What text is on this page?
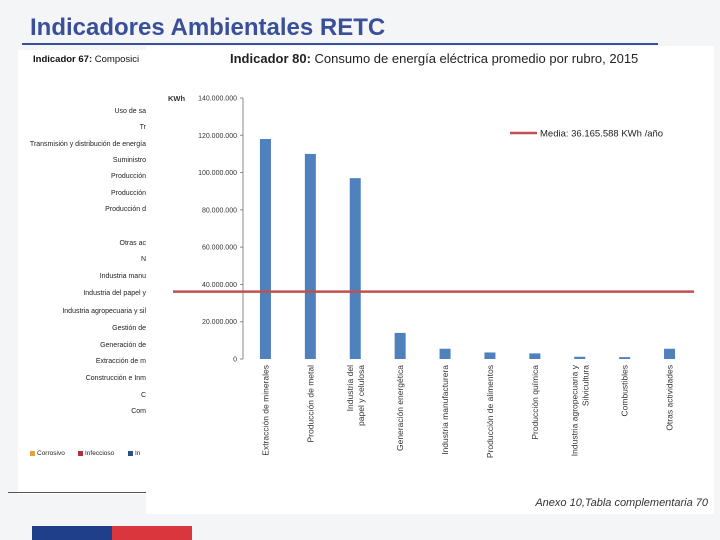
Indicadores Ambientales RETC
Indicador 67: Composici
Uso de sa
Tr
Transmisión y distribución de energía
Suministro
Producción
Producción
Producción d
Otras ac
N
Industria manu
Industria del papel y
Industria agropecuaria y sil
Gestión de
Generación de
Extracción de m
Construcción e Inm
C
Com
Corrosivo	Infeccioso	In
Indicador 80: Consumo de energía eléctrica promedio por rubro, 2015
KWh
0
20.000.000
40.000.000
60.000.000
80.000.000
100.000.000
120.000.000
140.000.000
Extracción de minerales	Producción de metal	Industria del papel y celulosa	Generación energética	Industria manufacturera	Producción de alimentos	Producción química	Industria agropecuaria y Silvicultura	Combustibles	Otras actividades
Media: 36.165.588 KWh /año
Anexo 10,Tabla complementaria 70
